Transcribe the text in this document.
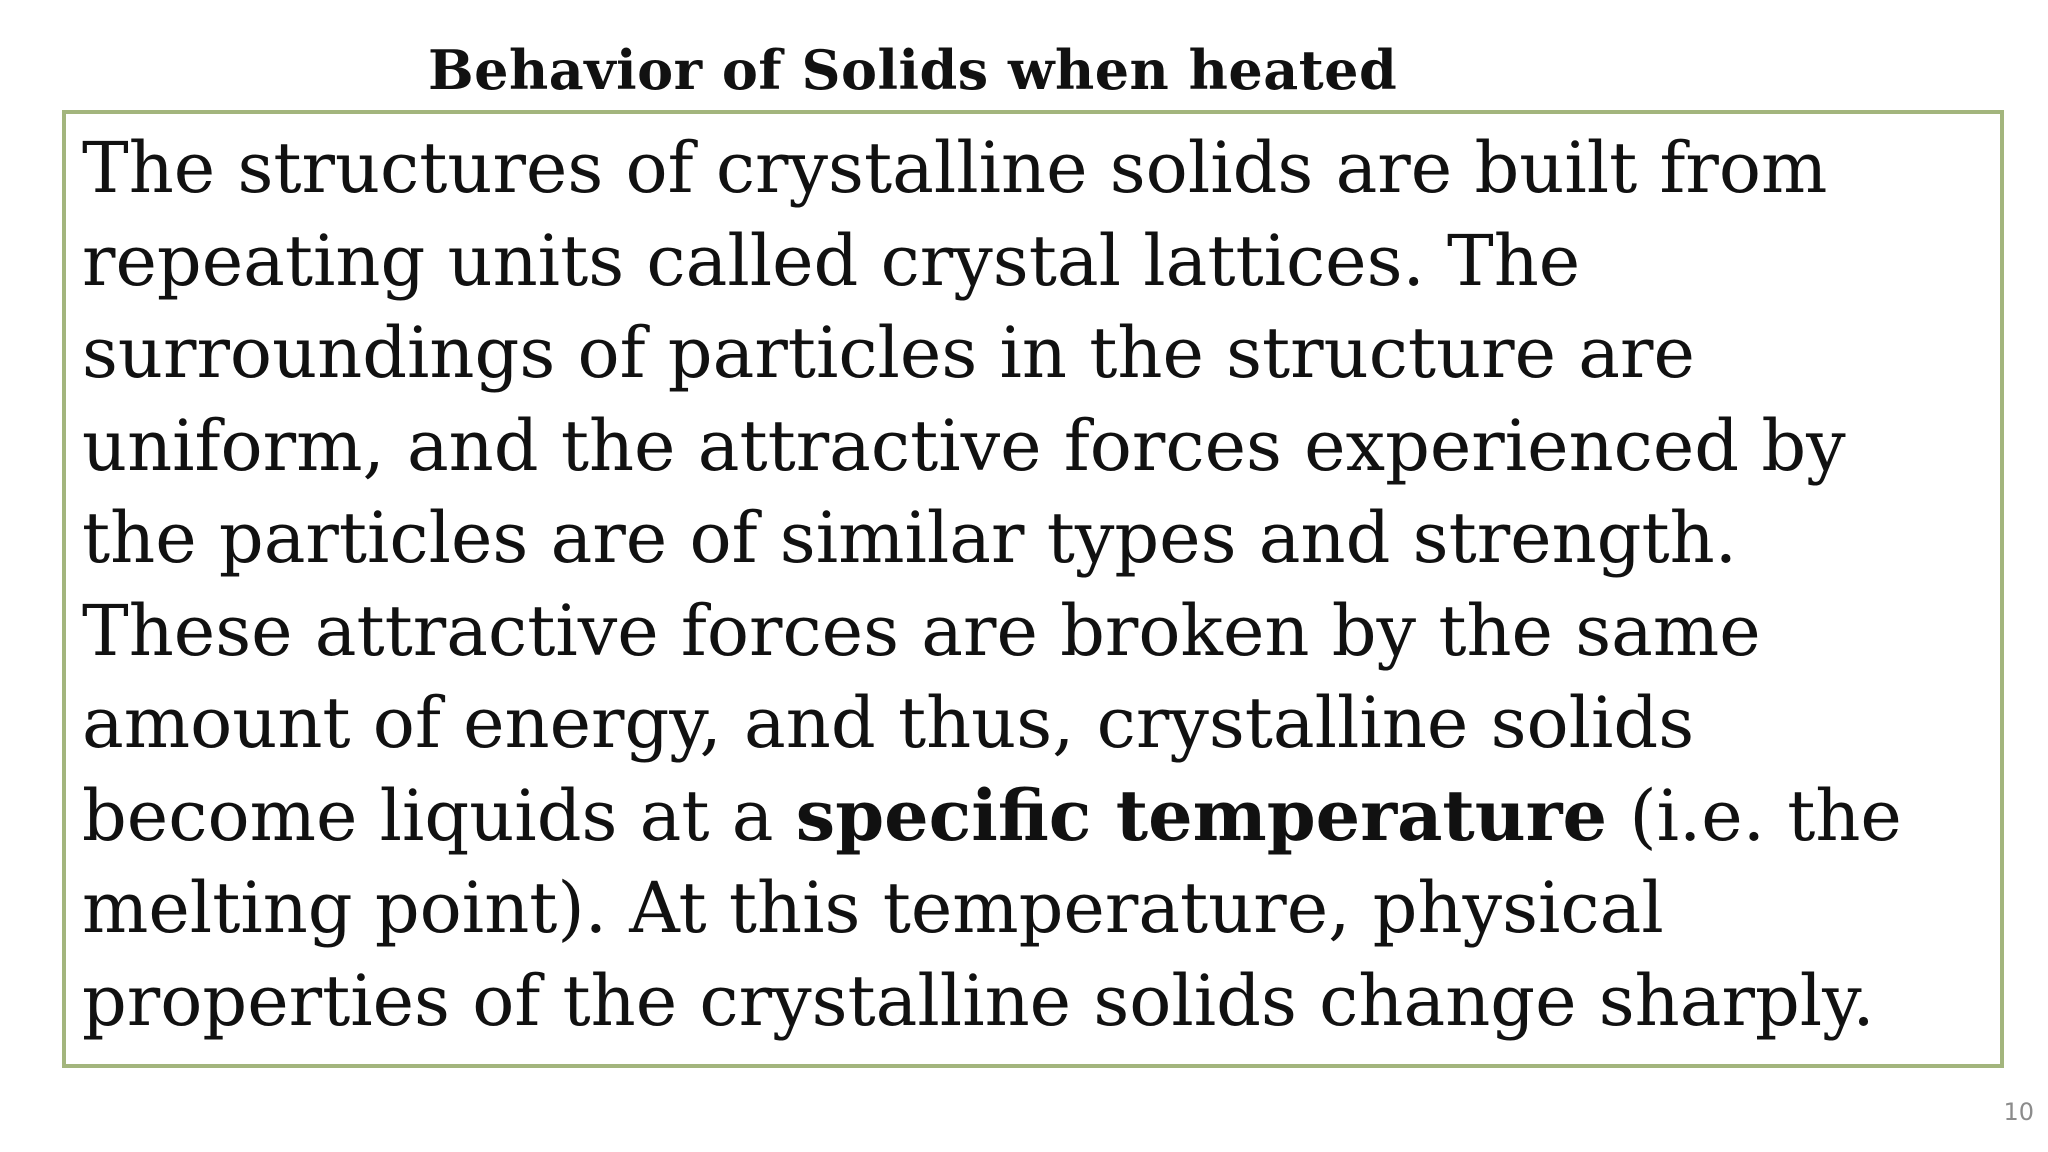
Behavior of Solids when heated

The structures of crystalline solids are built from
repeating units called crystal lattices. The
surroundings of particles in the structure are
uniform, and the attractive forces experienced by
the particles are of similar types and strength.
These attractive forces are broken by the same
amount of energy, and thus, crystalline solids
become liquids at a specific temperature (i.e. the
melting point). At this temperature, physical
properties of the crystalline solids change sharply.

10
